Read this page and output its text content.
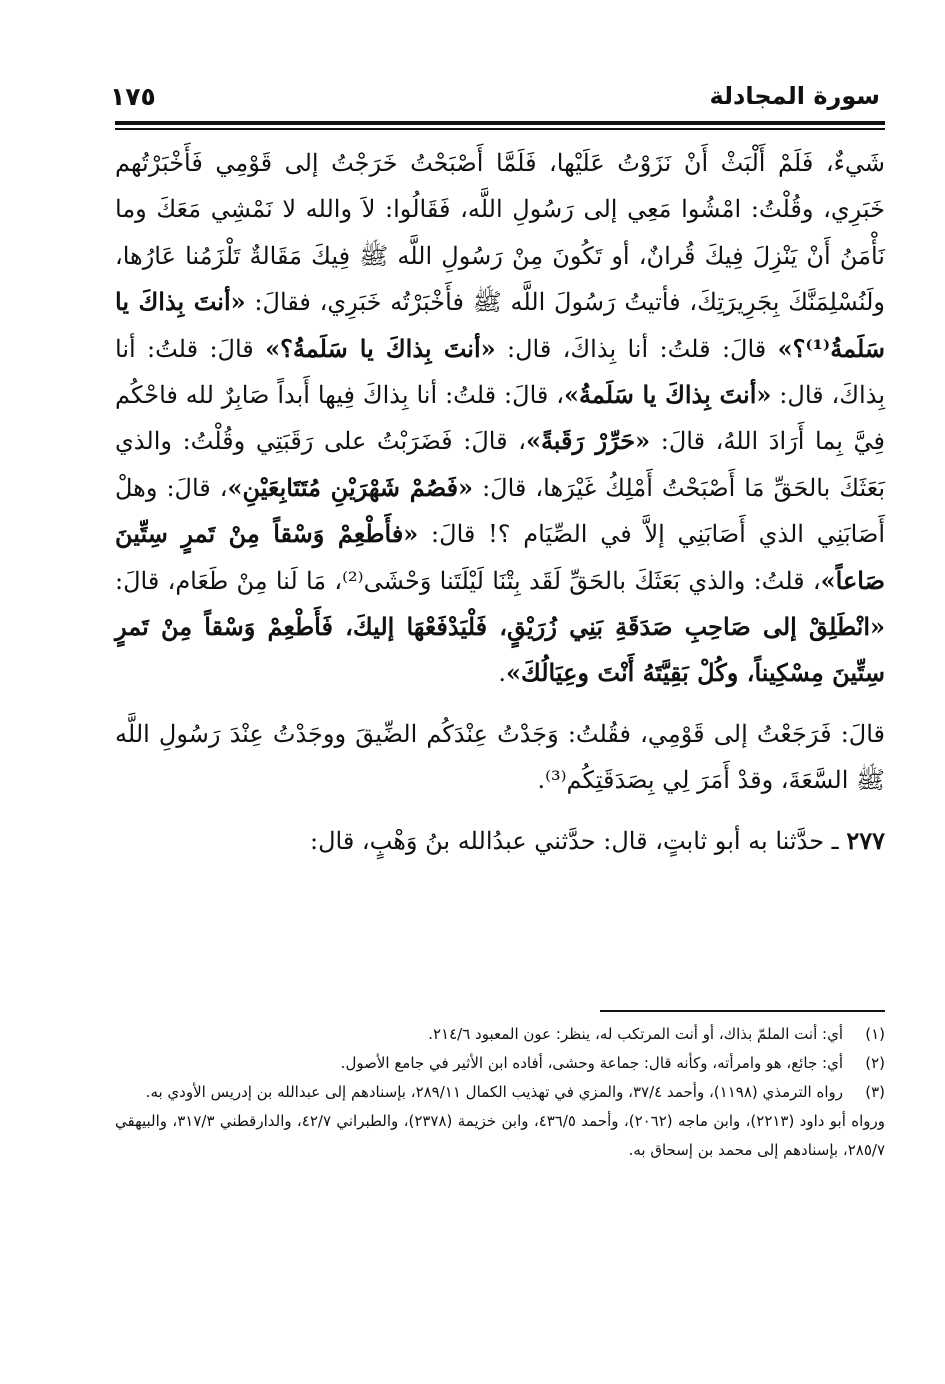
سورة المجادلة
١٧٥

شَيءٌ، فَلَمْ أَلْبَثْ أَنْ نَزَوْتُ عَلَيْها، فَلَمَّا أَصْبَحْتُ خَرَجْتُ إلى قَوْمِي فَأَخْبَرْتُهم خَبَرِي، وقُلْتُ: امْشُوا مَعِي إلى رَسُولِ اللَّه، فَقَالُوا: لاَ والله لا نَمْشِي مَعَكَ وما نَأْمَنُ أَنْ يَنْزِلَ فِيكَ قُرانٌ، أو تَكُونَ مِنْ رَسُولِ اللَّه ﷺ فِيكَ مَقَالةٌ تَلْزَمُنا عَارُها، ولَنُسْلِمَنَّكَ بِجَرِيرَتِكَ، فأتيتُ رَسُولَ اللَّه ﷺ فأَخْبَرْتُه خَبَرِي، فقالَ: «أنتَ بِذاكَ يا سَلَمةُ⁽¹⁾؟» قالَ: قلتُ: أنا بِذاكَ، قال: «أنتَ بِذاكَ يا سَلَمةُ؟» قالَ: قلتُ: أنا بِذاكَ، قال: «أنتَ بِذاكَ يا سَلَمةُ»، قالَ: قلتُ: أنا بِذاكَ فِيها أَبداً صَابِرٌ لله فاحْكُم فِيَّ بِما أَرَادَ اللهُ، قالَ: «حَرِّرْ رَقَبةً»، قالَ: فَضَرَبْتُ على رَقَبَتِي وقُلْتُ: والذي بَعَثَكَ بالحَقِّ مَا أَصْبَحْتُ أَمْلِكُ غَيْرَها، قالَ: «فَصُمْ شَهْرَيْنِ مُتَتَابِعَيْنِ»، قالَ: وهلْ أَصَابَنِي الذي أَصَابَنِي إلاَّ في الصِّيَام ؟! قالَ: «فأَطْعِمْ وَسْقاً مِنْ تَمرٍ سِتِّينَ صَاعاً»، قلتُ: والذي بَعَثَكَ بالحَقِّ لَقَد بِتْنَا لَيْلَتَنا وَحْشَى⁽²⁾، مَا لَنا مِنْ طَعَام، قالَ: «انْطَلِقْ إلى صَاحِبِ صَدَقَةِ بَنِي زُرَيْقٍ، فَلْيَدْفَعْهَا إليكَ، فَأَطْعِمْ وَسْقاً مِنْ تَمرٍ سِتِّينَ مِسْكِيناً، وكُلْ بَقِيَّتَهُ أَنْتَ وعِيَالُكَ».

قالَ: فَرَجَعْتُ إلى قَوْمِي، فقُلتُ: وَجَدْتُ عِنْدَكُم الضِّيقَ ووجَدْتُ عِنْدَ رَسُولِ اللَّه ﷺ السَّعَةَ، وقدْ أَمَرَ لِي بِصَدَقَتِكُم⁽³⁾.

٢٧٧ ـ حدَّثنا به أبو ثابتٍ، قال: حدَّثني عبدُالله بنُ وَهْبٍ، قال:

(١)
أي: أنت الملمّ بذاك، أو أنت المرتكب له، ينظر: عون المعبود ٢١٤/٦.

(٢)
أي: جائع، هو وامرأته، وكأنه قال: جماعة وحشى، أفاده ابن الأثير في جامع الأصول.

(٣)
رواه الترمذي (١١٩٨)، وأحمد ٣٧/٤، والمزي في تهذيب الكمال ٢٨٩/١١، بإسنادهم إلى عبدالله بن إدريس الأودي به.

ورواه أبو داود (٢٢١٣)، وابن ماجه (٢٠٦٢)، وأحمد ٤٣٦/٥، وابن خزيمة (٢٣٧٨)، والطبراني ٤٢/٧، والدارقطني ٣١٧/٣، والبيهقي ٢٨٥/٧، بإسنادهم إلى محمد بن إسحاق به.
